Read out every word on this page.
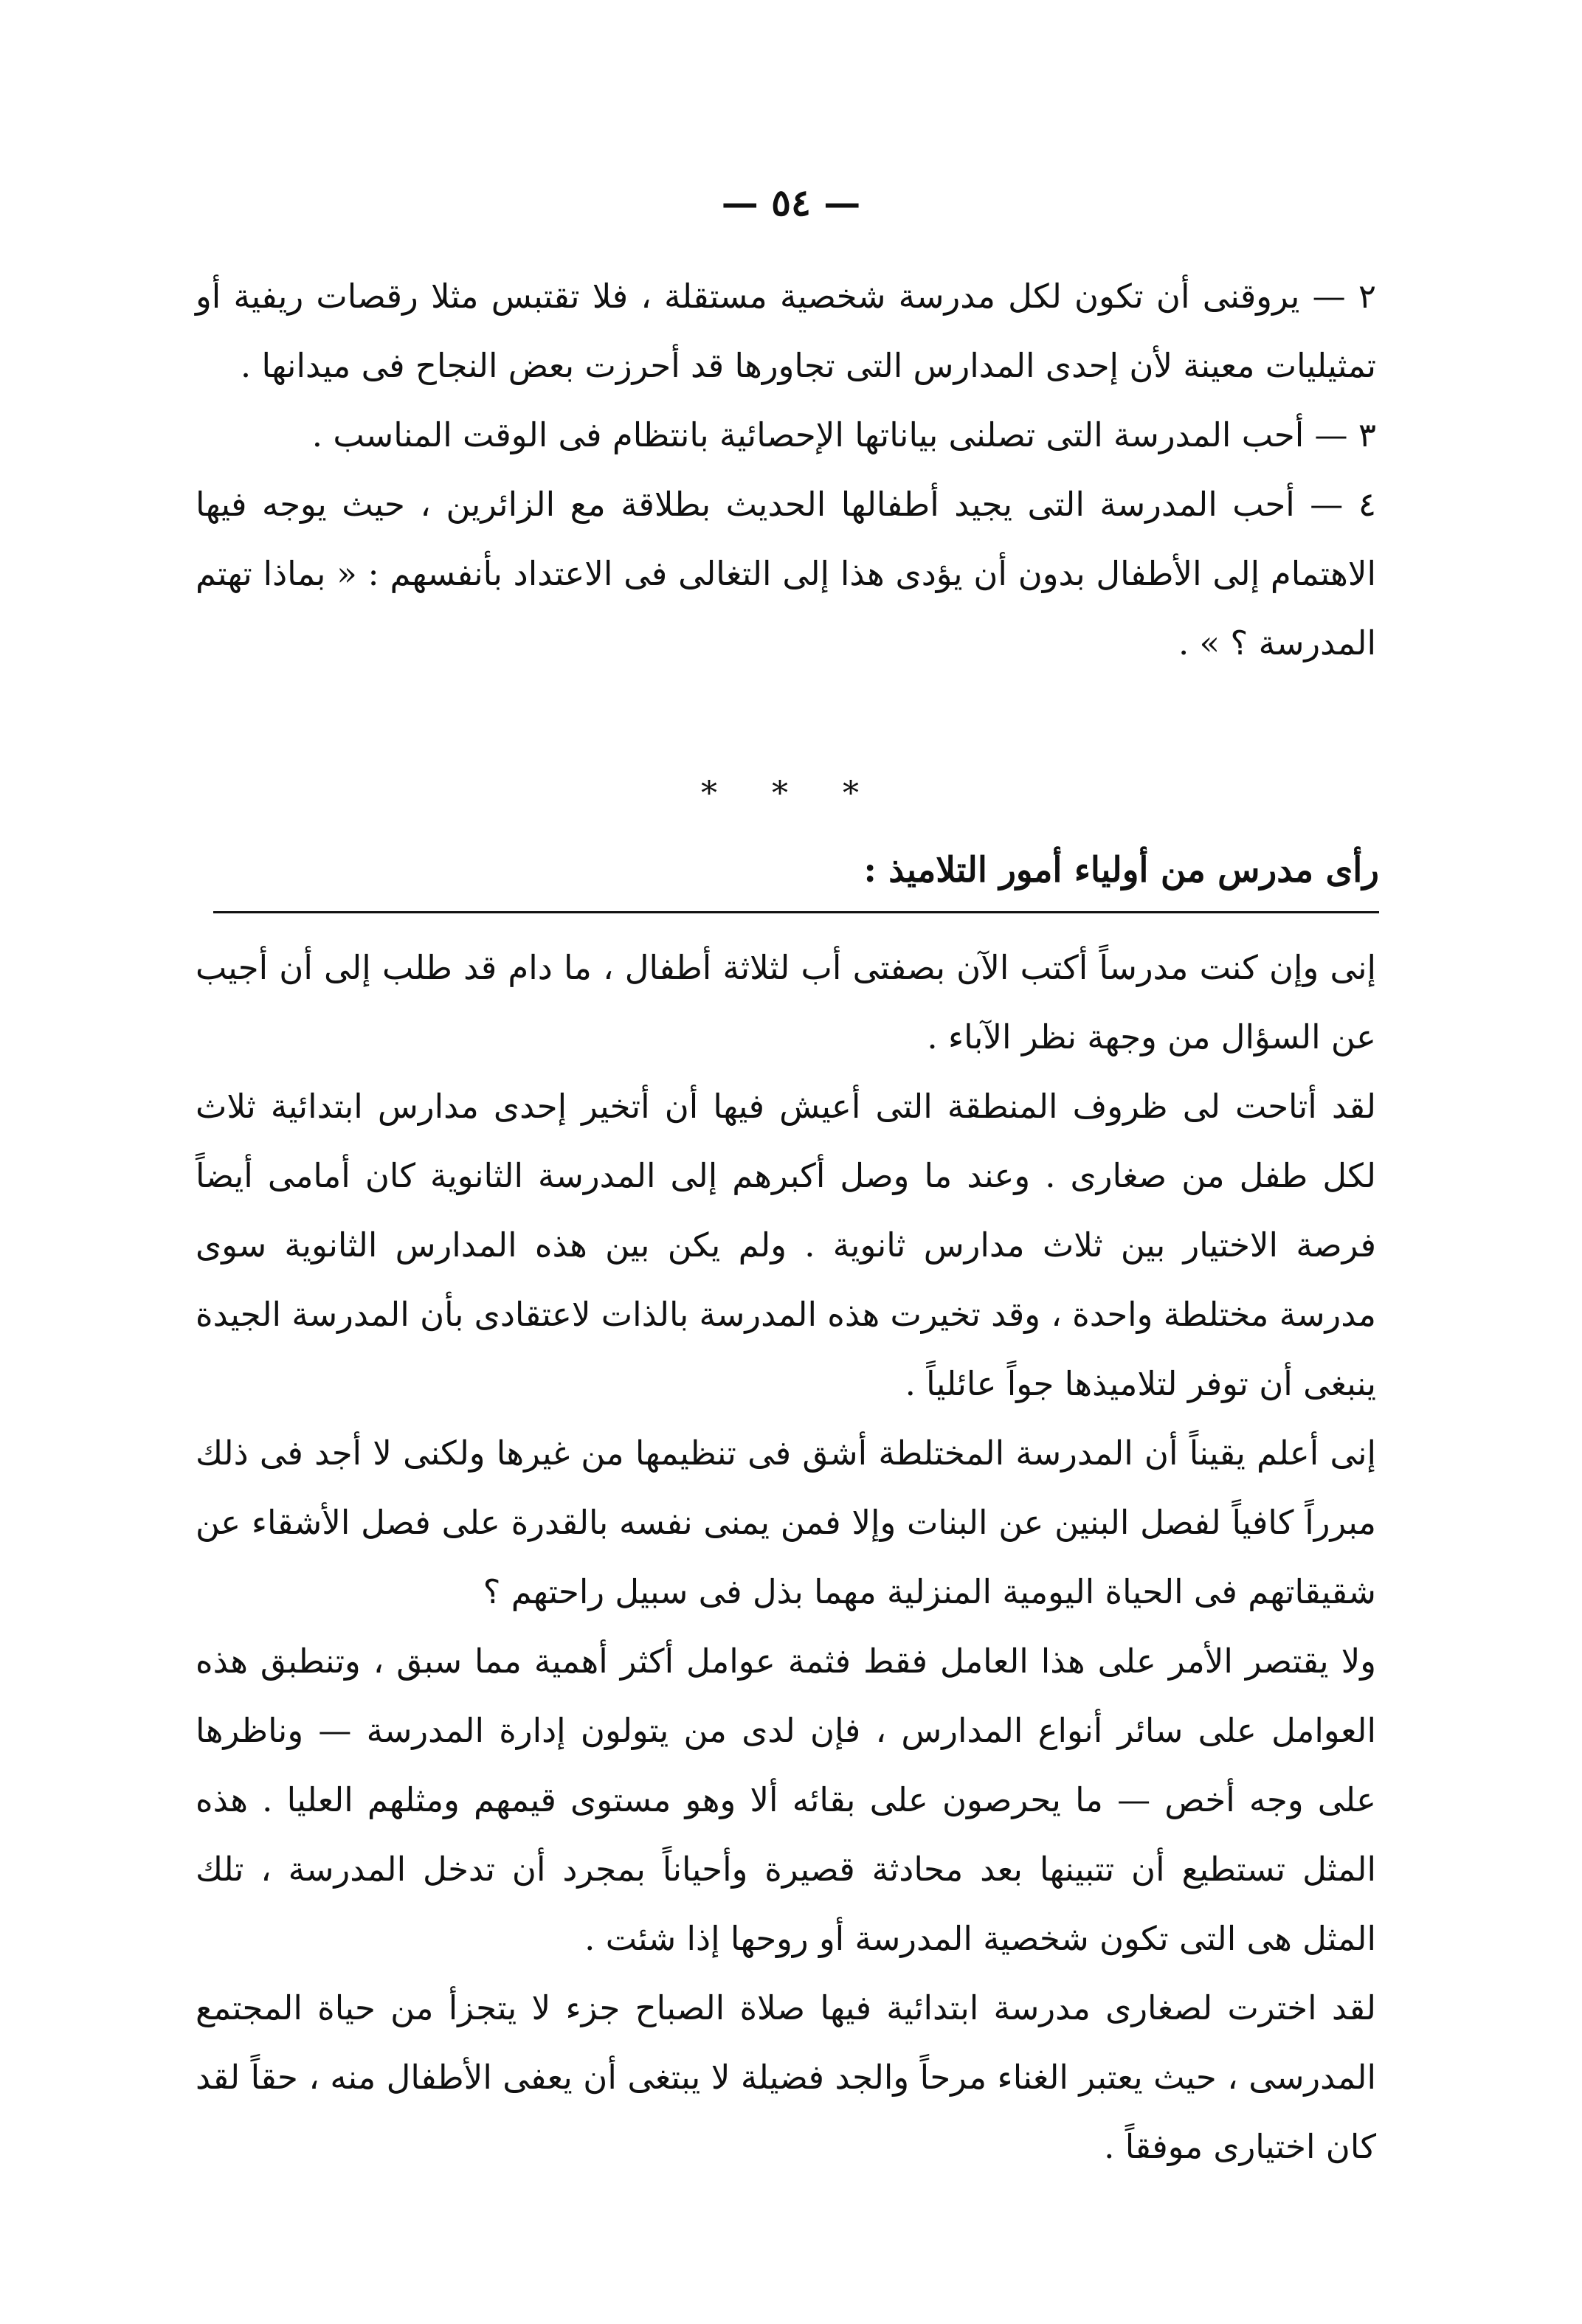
— ٥٤ —

٢ — يروقنى أن تكون لكل مدرسة شخصية مستقلة ، فلا تقتبس مثلا رقصات ريفية أو تمثيليات معينة لأن إحدى المدارس التى تجاورها قد أحرزت بعض النجاح فى ميدانها .

٣ — أحب المدرسة التى تصلنى بياناتها الإحصائية بانتظام فى الوقت المناسب .

٤ — أحب المدرسة التى يجيد أطفالها الحديث بطلاقة مع الزائرين ، حيث يوجه فيها الاهتمام إلى الأطفال بدون أن يؤدى هذا إلى التغالى فى الاعتداد بأنفسهم : « بماذا تهتم المدرسة ؟ » .

* * *
رأى مدرس من أولياء أمور التلاميذ :

إنى وإن كنت مدرساً أكتب الآن بصفتى أب لثلاثة أطفال ، ما دام قد طلب إلى أن أجيب عن السؤال من وجهة نظر الآباء .

لقد أتاحت لى ظروف المنطقة التى أعيش فيها أن أتخير إحدى مدارس ابتدائية ثلاث لكل طفل من صغارى . وعند ما وصل أكبرهم إلى المدرسة الثانوية كان أمامى أيضاً فرصة الاختيار بين ثلاث مدارس ثانوية . ولم يكن بين هذه المدارس الثانوية سوى مدرسة مختلطة واحدة ، وقد تخيرت هذه المدرسة بالذات لاعتقادى بأن المدرسة الجيدة ينبغى أن توفر لتلاميذها جواً عائلياً .

إنى أعلم يقيناً أن المدرسة المختلطة أشق فى تنظيمها من غيرها ولكنى لا أجد فى ذلك مبرراً كافياً لفصل البنين عن البنات وإلا فمن يمنى نفسه بالقدرة على فصل الأشقاء عن شقيقاتهم فى الحياة اليومية المنزلية مهما بذل فى سبيل راحتهم ؟

ولا يقتصر الأمر على هذا العامل فقط فثمة عوامل أكثر أهمية مما سبق ، وتنطبق هذه العوامل على سائر أنواع المدارس ، فإن لدى من يتولون إدارة المدرسة — وناظرها على وجه أخص — ما يحرصون على بقائه ألا وهو مستوى قيمهم ومثلهم العليا . هذه المثل تستطيع أن تتبينها بعد محادثة قصيرة وأحياناً بمجرد أن تدخل المدرسة ، تلك المثل هى التى تكون شخصية المدرسة أو روحها إذا شئت .

لقد اخترت لصغارى مدرسة ابتدائية فيها صلاة الصباح جزء لا يتجزأ من حياة المجتمع المدرسى ، حيث يعتبر الغناء مرحاً والجد فضيلة لا يبتغى أن يعفى الأطفال منه ، حقاً لقد كان اختيارى موفقاً .
